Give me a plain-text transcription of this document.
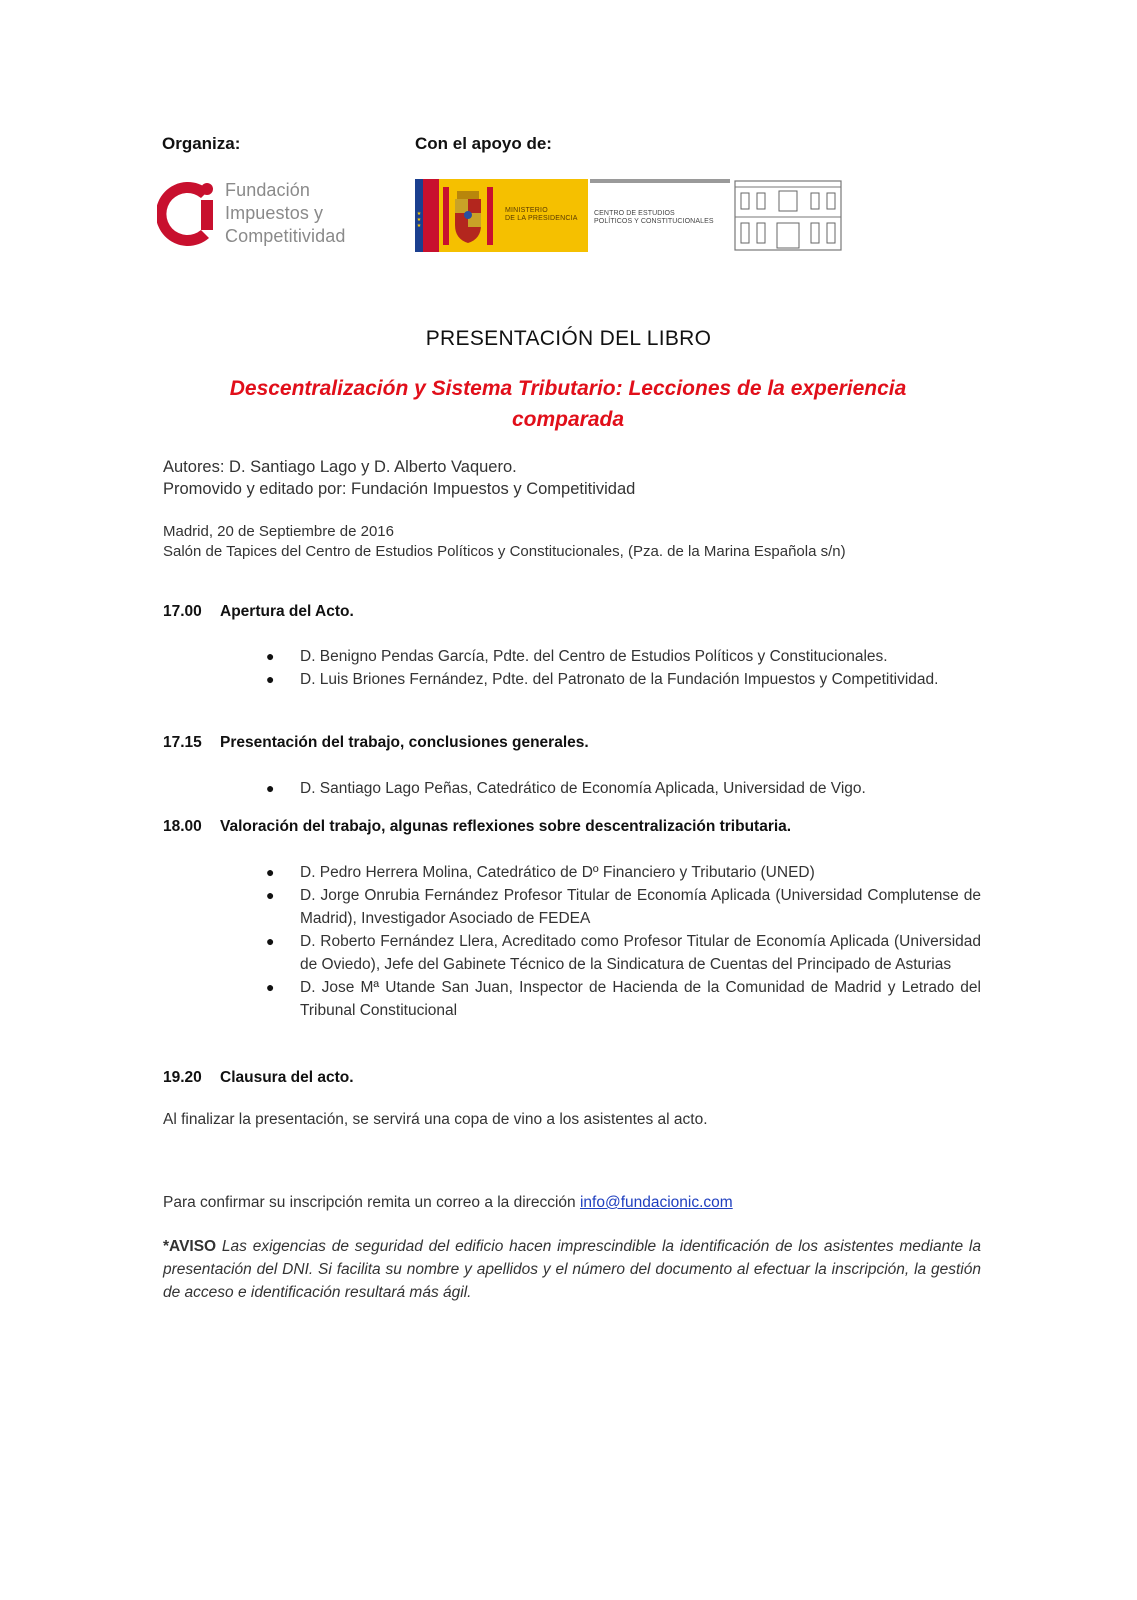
Organiza:	Con el apoyo de:
Fundación
Impuestos y
Competitividad
★
★
★
MINISTERIO
DE LA PRESIDENCIA
CENTRO DE ESTUDIOS
POLÍTICOS Y CONSTITUCIONALES
PRESENTACIÓN DEL LIBRO
Descentralización y Sistema Tributario: Lecciones de la experiencia comparada
Autores: D. Santiago Lago y D. Alberto Vaquero.
Promovido y editado por: Fundación Impuestos y Competitividad
Madrid, 20 de Septiembre de 2016
Salón de Tapices del Centro de Estudios Políticos y Constitucionales, (Pza. de la Marina Española s/n)
17.00 Apertura del Acto.
● D. Benigno Pendas García, Pdte. del Centro de Estudios Políticos y Constitucionales.
● D. Luis Briones Fernández, Pdte. del Patronato de la Fundación Impuestos y Competitividad.
17.15 Presentación del trabajo, conclusiones generales.
● D. Santiago Lago Peñas, Catedrático de Economía Aplicada, Universidad de Vigo.
18.00 Valoración del trabajo, algunas reflexiones sobre descentralización tributaria.
● D. Pedro Herrera Molina, Catedrático de Dº Financiero y Tributario (UNED)
● D. Jorge Onrubia Fernández Profesor Titular de Economía Aplicada (Universidad Complutense de Madrid), Investigador Asociado de FEDEA
● D. Roberto Fernández Llera, Acreditado como Profesor Titular de Economía Aplicada (Universidad de Oviedo), Jefe del Gabinete Técnico de la Sindicatura de Cuentas del Principado de Asturias
● D. Jose Mª Utande San Juan, Inspector de Hacienda de la Comunidad de Madrid y Letrado del Tribunal Constitucional
19.20 Clausura del acto.
Al finalizar la presentación, se servirá una copa de vino a los asistentes al acto.
Para confirmar su inscripción remita un correo a la dirección info@fundacionic.com
*AVISO Las exigencias de seguridad del edificio hacen imprescindible la identificación de los asistentes mediante la presentación del DNI. Si facilita su nombre y apellidos y el número del documento al efectuar la inscripción, la gestión de acceso e identificación resultará más ágil.
